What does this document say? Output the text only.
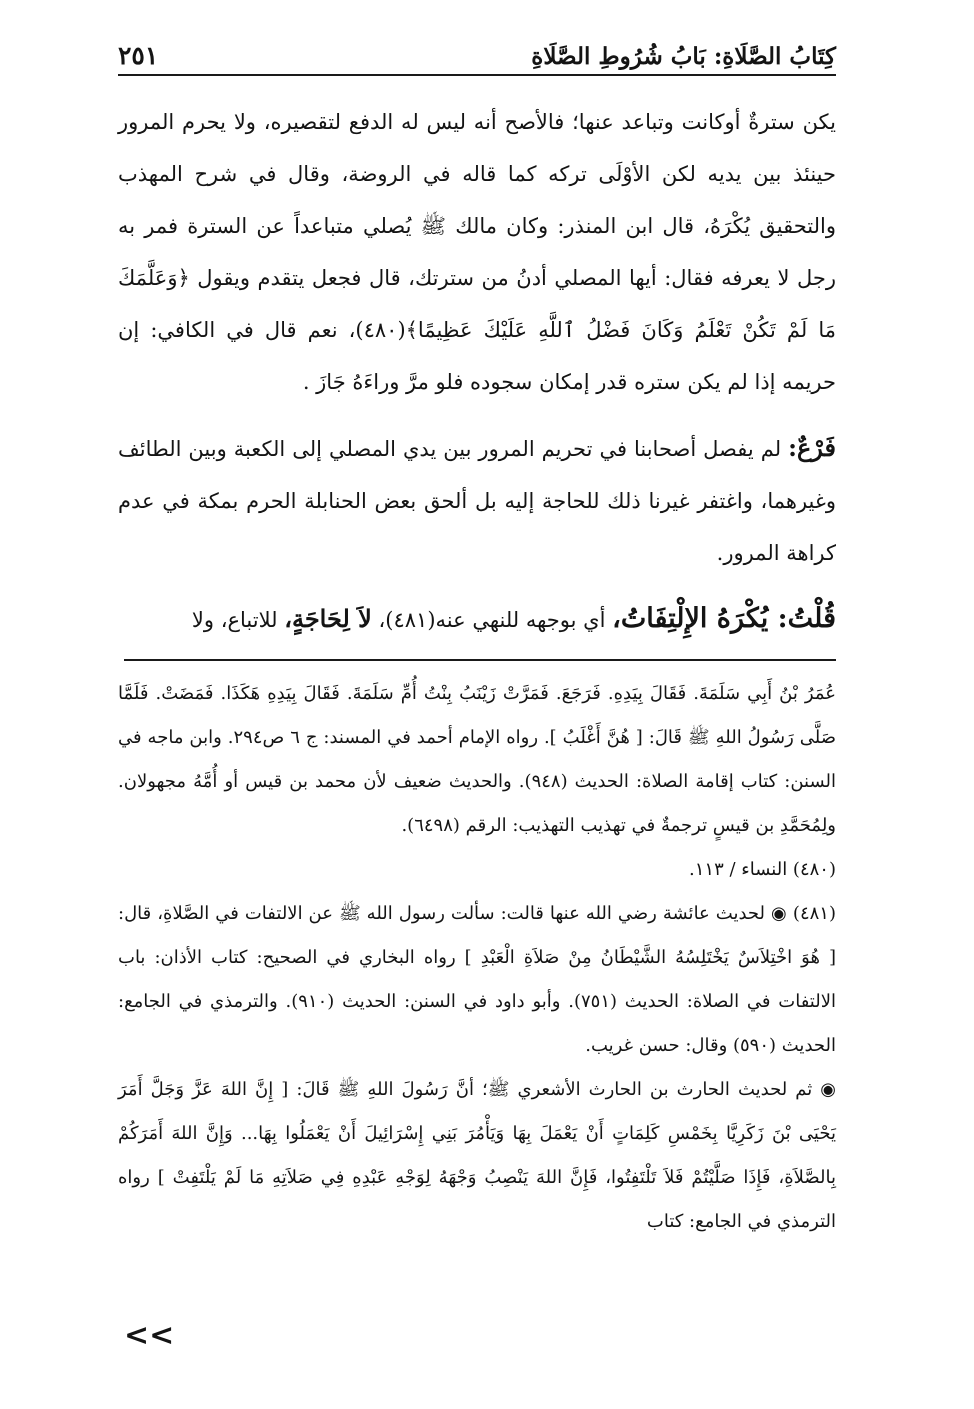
كِتَابُ الصَّلَاةِ: بَابُ شُرُوطِ الصَّلَاةِ
٢٥١

يكن سترةٌ أوكانت وتباعد عنها؛ فالأصح أنه ليس له الدفع لتقصيره، ولا يحرم المرور حينئذ بين يديه لكن الأوْلَى تركه كما قاله في الروضة، وقال في شرح المهذب والتحقيق يُكْرَهُ، قال ابن المنذر: وكان مالك ﷺ يُصلي متباعداً عن السترة فمر به رجل لا يعرفه فقال: أيها المصلي أدنُ من سترتك، قال فجعل يتقدم ويقول ﴿وَعَلَّمَكَ مَا لَمْ تَكُنْ تَعْلَمُ وَكَانَ فَضْلُ ٱللَّهِ عَلَيْكَ عَظِيمًا﴾(٤٨٠)، نعم قال في الكافي: إن حريمه إذا لم يكن ستره قدر إمكان سجوده فلو مرَّ وراءَهُ جَازَ .

فَرْعٌ: لم يفصل أصحابنا في تحريم المرور بين يدي المصلي إلى الكعبة وبين الطائف وغيرهما، واغتفر غيرنا ذلك للحاجة إليه بل ألحق بعض الحنابلة الحرم بمكة في عدم كراهة المرور.

قُلْتُ: يُكْرَهُ الإِلْتِفَاتُ، أي بوجهه للنهي عنه(٤٨١)، لاَ لِحَاجَةٍ، للاتباع، ولا

عُمَرُ بْنُ أَبِي سَلَمَةَ. فَقَالَ بِيَدِهِ. فَرَجَعَ. فَمَرَّتْ زَيْنَبُ بِنْتُ أُمِّ سَلَمَةَ. فَقَالَ بِيَدِهِ هَكَذَا. فَمَضَتْ. فَلَمَّا صَلَّى رَسُولُ اللهِ ﷺ قَالَ: [ هُنَّ أَغْلَبُ ]. رواه الإمام أحمد في المسند: ج ٦ ص٢٩٤. وابن ماجه في السنن: كتاب إقامة الصلاة: الحديث (٩٤٨). والحديث ضعيف لأن محمد بن قيس أو أُمَّهُ مجهولان. ولِمُحَمَّدِ بن قيسٍ ترجمةٌ في تهذيب التهذيب: الرقم (٦٤٩٨).

(٤٨٠) النساء / ١١٣.

(٤٨١) ◉ لحديث عائشة رضي الله عنها قالت: سألت رسول الله ﷺ عن الالتفات في الصَّلاةِ، قال: [ هُوَ اخْتِلاَسٌ يَخْتَلِسُهُ الشَّيْطَانُ مِنْ صَلاَةِ الْعَبْدِ ] رواه البخاري في الصحيح: كتاب الأذان: باب الالتفات في الصلاة: الحديث (٧٥١). وأبو داود في السنن: الحديث (٩١٠). والترمذي في الجامع: الحديث (٥٩٠) وقال: حسن غريب.

◉ ثم لحديث الحارث بن الحارث الأشعري ﷺ؛ أنَّ رَسُولَ اللهِ ﷺ قَالَ: [ إِنَّ اللهَ عَزَّ وَجَلَّ أَمَرَ يَحْيَى بْنَ زَكَرِيَّا بِخَمْسِ كَلِمَاتٍ أَنْ يَعْمَلَ بِهَا وَيَأْمُرَ بَنِي إِسْرَائِيلَ أَنْ يَعْمَلُوا بِهَا... وَإِنَّ اللهَ أَمَرَكُمْ بِالصَّلاَةِ، فَإِذَا صَلَّيْتُمْ فَلاَ تَلْتَفِتُوا، فَإِنَّ اللهَ يَنْصِبُ وَجْهَهُ لِوَجْهِ عَبْدِهِ فِي صَلاَتِهِ مَا لَمْ يَلْتَفِتْ ] رواه الترمذي في الجامع: كتاب

<<
